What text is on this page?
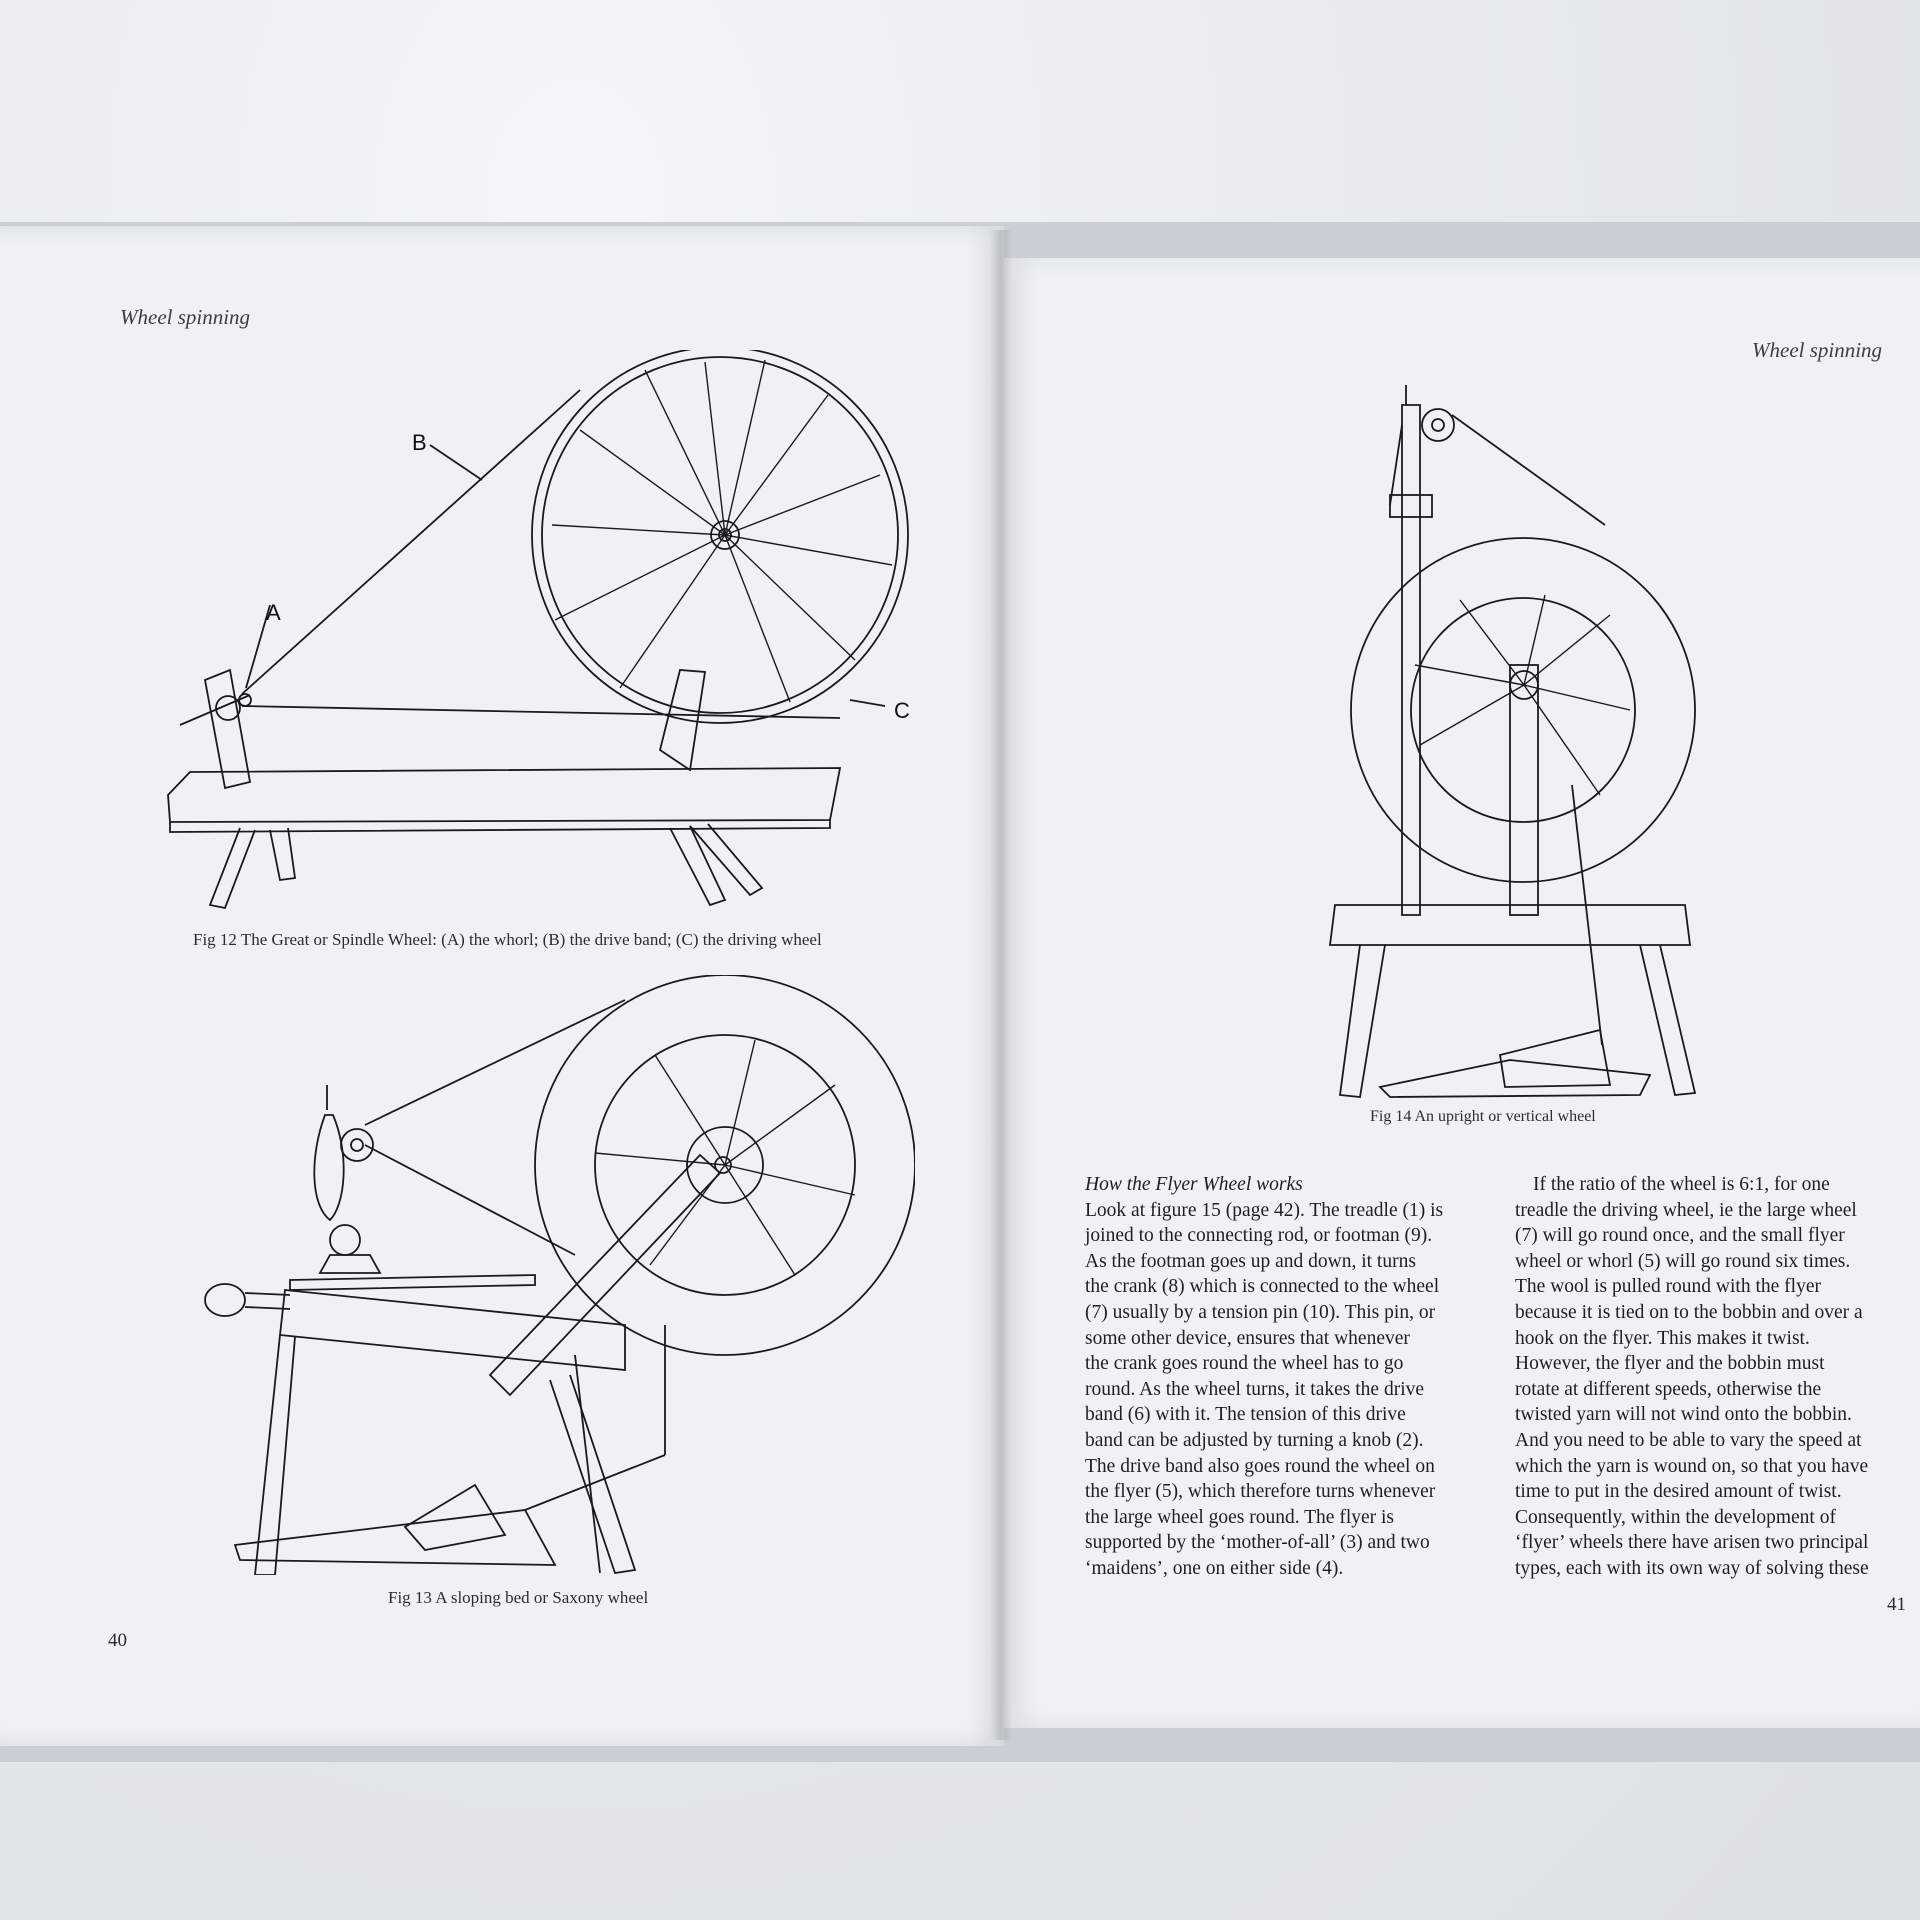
Wheel spinning
B
A
C
Fig 12 The Great or Spindle Wheel: (A) the whorl; (B) the drive band; (C) the driving wheel
Fig 13 A sloping bed or Saxony wheel
40
Wheel spinning
Fig 14 An upright or vertical wheel

How the Flyer Wheel works

Look at figure 15 (page 42). The treadle (1) is

joined to the connecting rod, or footman (9).

As the footman goes up and down, it turns

the crank (8) which is connected to the wheel

(7) usually by a tension pin (10). This pin, or

some other device, ensures that whenever

the crank goes round the wheel has to go

round. As the wheel turns, it takes the drive

band (6) with it. The tension of this drive

band can be adjusted by turning a knob (2).

The drive band also goes round the wheel on

the flyer (5), which therefore turns whenever

the large wheel goes round. The flyer is

supported by the ‘mother-of-all’ (3) and two

‘maidens’, one on either side (4).

If the ratio of the wheel is 6:1, for one

treadle the driving wheel, ie the large wheel

(7) will go round once, and the small flyer

wheel or whorl (5) will go round six times.

The wool is pulled round with the flyer

because it is tied on to the bobbin and over a

hook on the flyer. This makes it twist.

However, the flyer and the bobbin must

rotate at different speeds, otherwise the

twisted yarn will not wind onto the bobbin.

And you need to be able to vary the speed at

which the yarn is wound on, so that you have

time to put in the desired amount of twist.

Consequently, within the development of

‘flyer’ wheels there have arisen two principal

types, each with its own way of solving these

41
